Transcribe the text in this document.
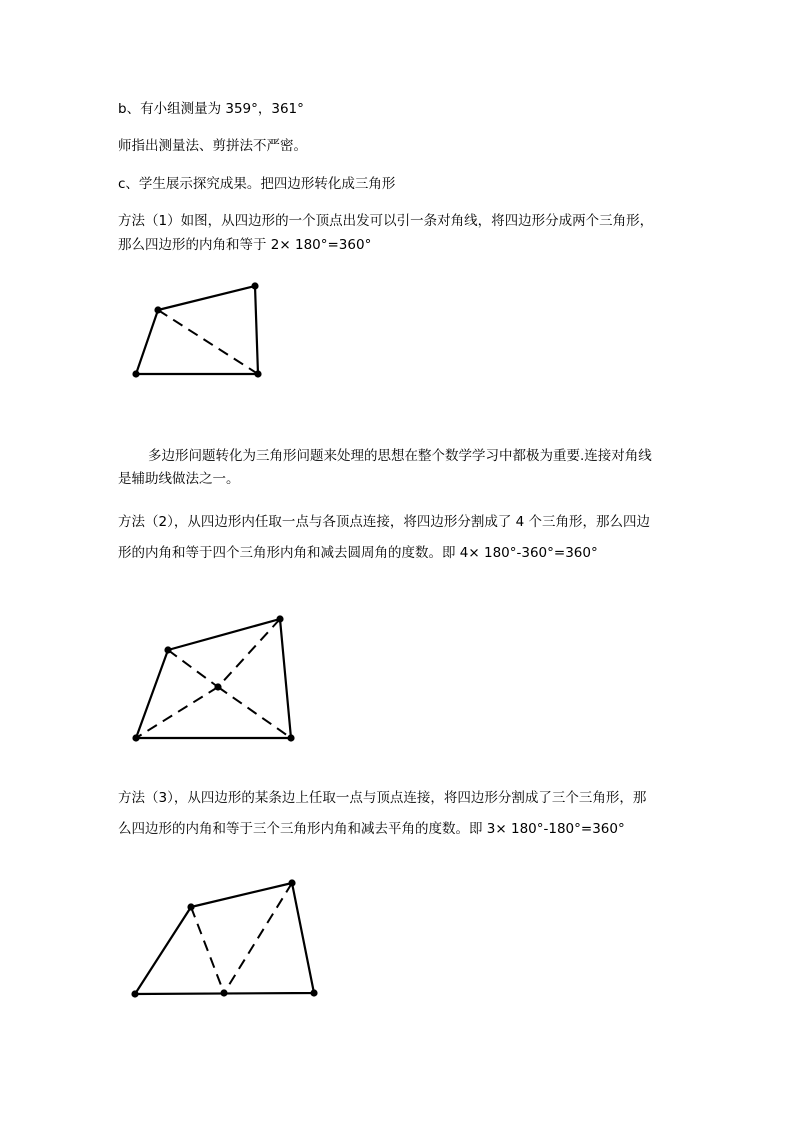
b、有小组测量为 359°，361°
师指出测量法、剪拼法不严密。
c、学生展示探究成果。把四边形转化成三角形
方法（1）如图，从四边形的一个顶点出发可以引一条对角线，将四边形分成两个三角形，
那么四边形的内角和等于 2× 180°=360°
多边形问题转化为三角形问题来处理的思想在整个数学学习中都极为重要.连接对角线
是辅助线做法之一。
方法（2），从四边形内任取一点与各顶点连接，将四边形分割成了 4 个三角形，那么四边
形的内角和等于四个三角形内角和减去圆周角的度数。即 4× 180°-360°=360°
方法（3），从四边形的某条边上任取一点与顶点连接，将四边形分割成了三个三角形，那
么四边形的内角和等于三个三角形内角和减去平角的度数。即 3× 180°-180°=360°
